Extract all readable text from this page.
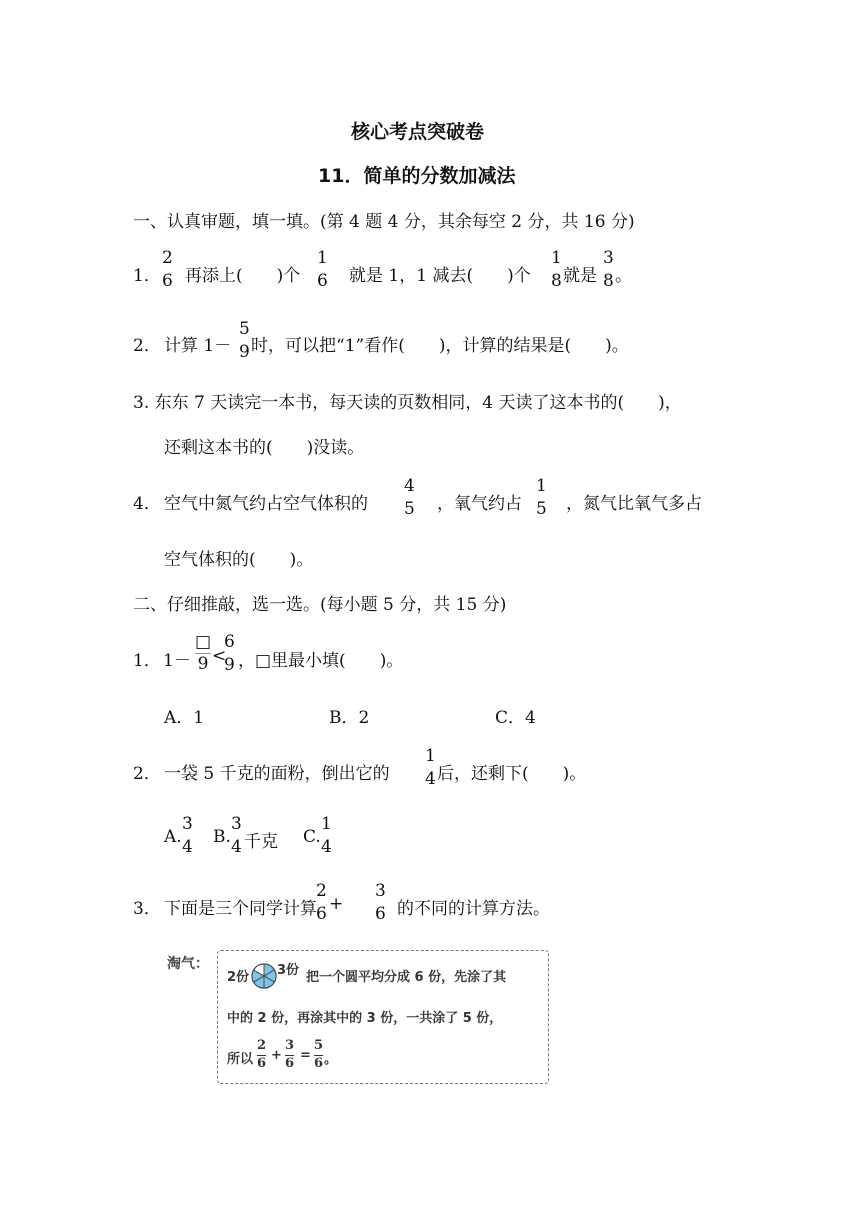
核心考点突破卷
11．简单的分数加减法
一、认真审题，填一填。(第 4 题 4 分，其余每空 2 分，共 16 分)
1．
2
6 再添上(　　)个
1
6 就是 1，1 减去(　　)个
1
8 就是
3
8 。
2． 计算 1－
5
9 时，可以把“1”看作(　　)，计算的结果是(　　)。
3. 东东 7 天读完一本书，每天读的页数相同，4 天读了这本书的(　　)，
还剩这本书的(　　)没读。
4． 空气中氮气约占空气体积的
4
5 ，氧气约占
1
5 ，氮气比氧气多占
空气体积的(　　)。
二、仔细推敲，选一选。(每小题 5 分，共 15 分)
1． 1－
□
9 <
6
9 ，□里最小填(　　)。
A．1	B．2	C．4
2． 一袋 5 千克的面粉，倒出它的
1
4 后，还剩下(　　)。
A.
3
4 B.
3
4 千克 C.
1
4
3． 下面是三个同学计算
2
6 +
3
6 的不同的计算方法。
淘气：
2份 3份 把一个圆平均分成 6 份，先涂了其
中的 2 份，再涂其中的 3 份，一共涂了 5 份，
所以 $\frac{2}{6} + \frac{3}{6} = \frac{5}{6}$ 。
